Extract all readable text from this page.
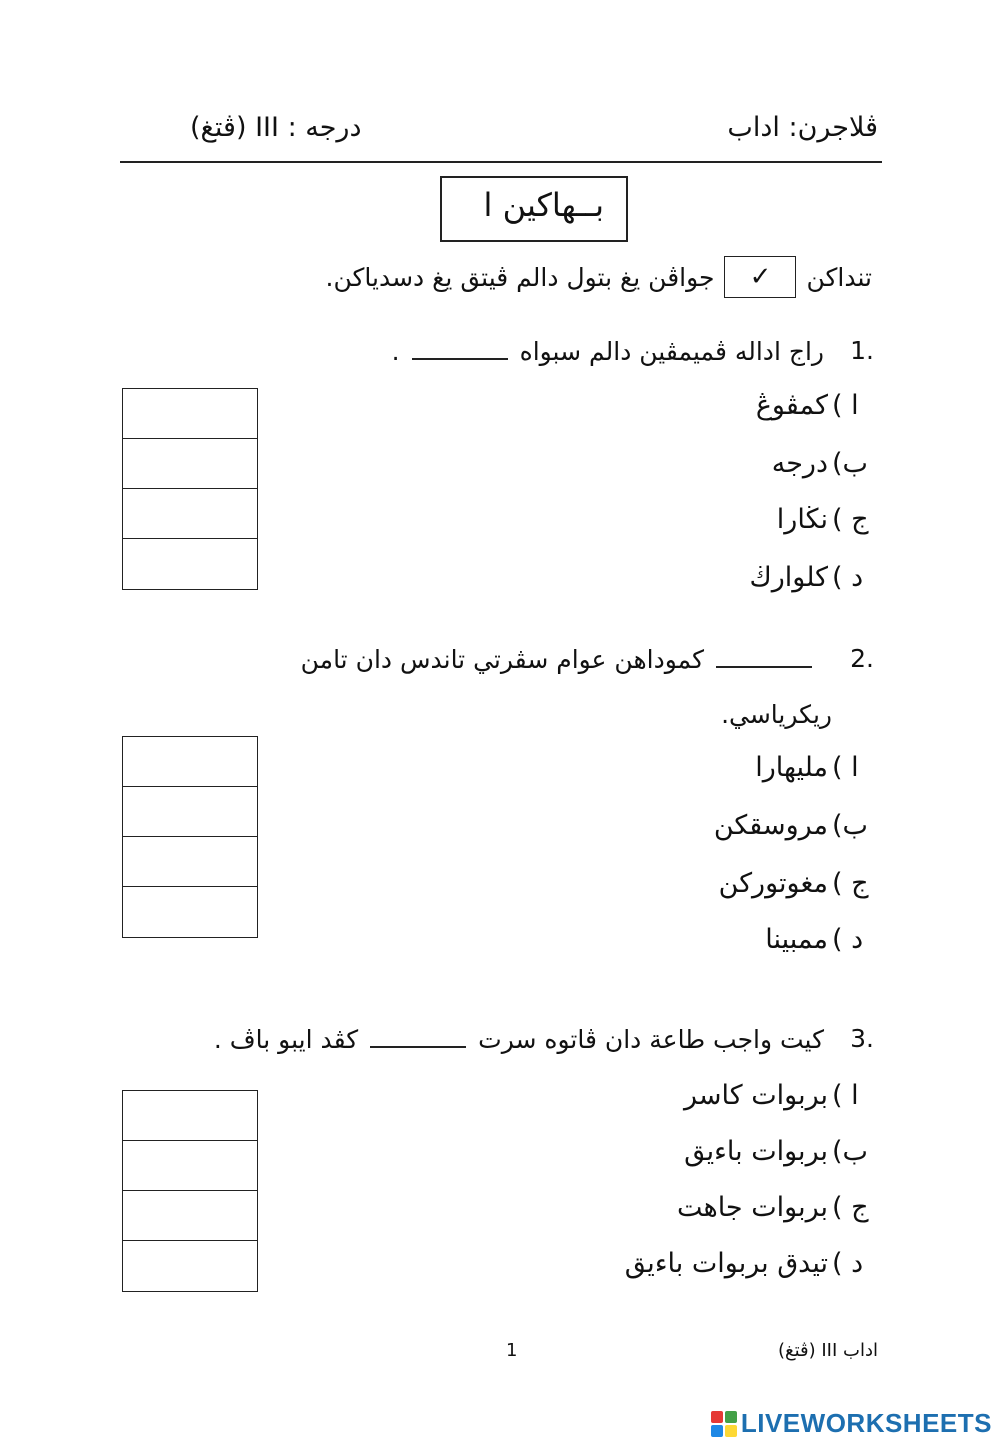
ڤلاجرن: اداب
درجه : III (ڤتغ)
بــهاكين ا
تنداكن
✓
جواڤن يغ بتول دالم ڤيتق يغ دسدياكن.
1.
راج اداله ڤميمڤين دالم سبواه.
ا )
كمڤوڠ
ب)
درجه
ج )
نڬارا
د )
كلوارڬ
2.
كموداهن عوام سڤرتي تاندس دان تامن
ريكرياسي.
ا )
مليهارا
ب)
مروسقكن
ج )
مغوتوركن
د )
ممبينا
3.
كيت واجب طاعة دان ڤاتوه سرتكڤد ايبو باڤ .
ا )
بربوات كاسر
ب)
بربوات باءيق
ج )
بربوات جاهت
د )
تيدق بربوات باءيق
اداب III (ڤتغ)
1
LIVEWORKSHEETS
